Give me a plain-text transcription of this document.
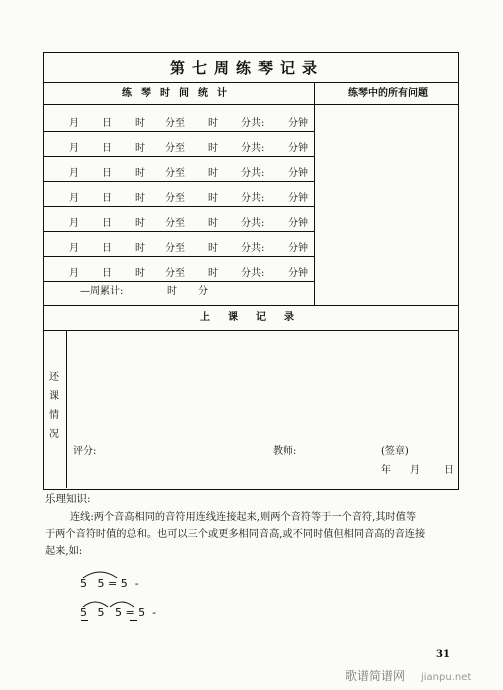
第七周练琴记录
练琴时间统计	练琴中的所有问题
月 日 时 分至 时 分共: 分钟
月 日 时 分至 时 分共: 分钟
月 日 时 分至 时 分共: 分钟
月 日 时 分至 时 分共: 分钟
月 日 时 分至 时 分共: 分钟
月 日 时 分至 时 分共: 分钟
月 日 时 分至 时 分共: 分钟
—周累计:	时 分
上课记录
还
课
情
况
评分:	教师:	(签章)
年 月 日
乐理知识:
连线:两个音高相同的音符用连线连接起来,则两个音符等于一个音符,其时值等
于两个音符时值的总和。也可以三个或更多相同音高,或不同时值但相同音高的音连接
起来,如:
5   5 = 5  -
5   5   5 = 5  -
31
歌谱简谱网 jianpu.net
